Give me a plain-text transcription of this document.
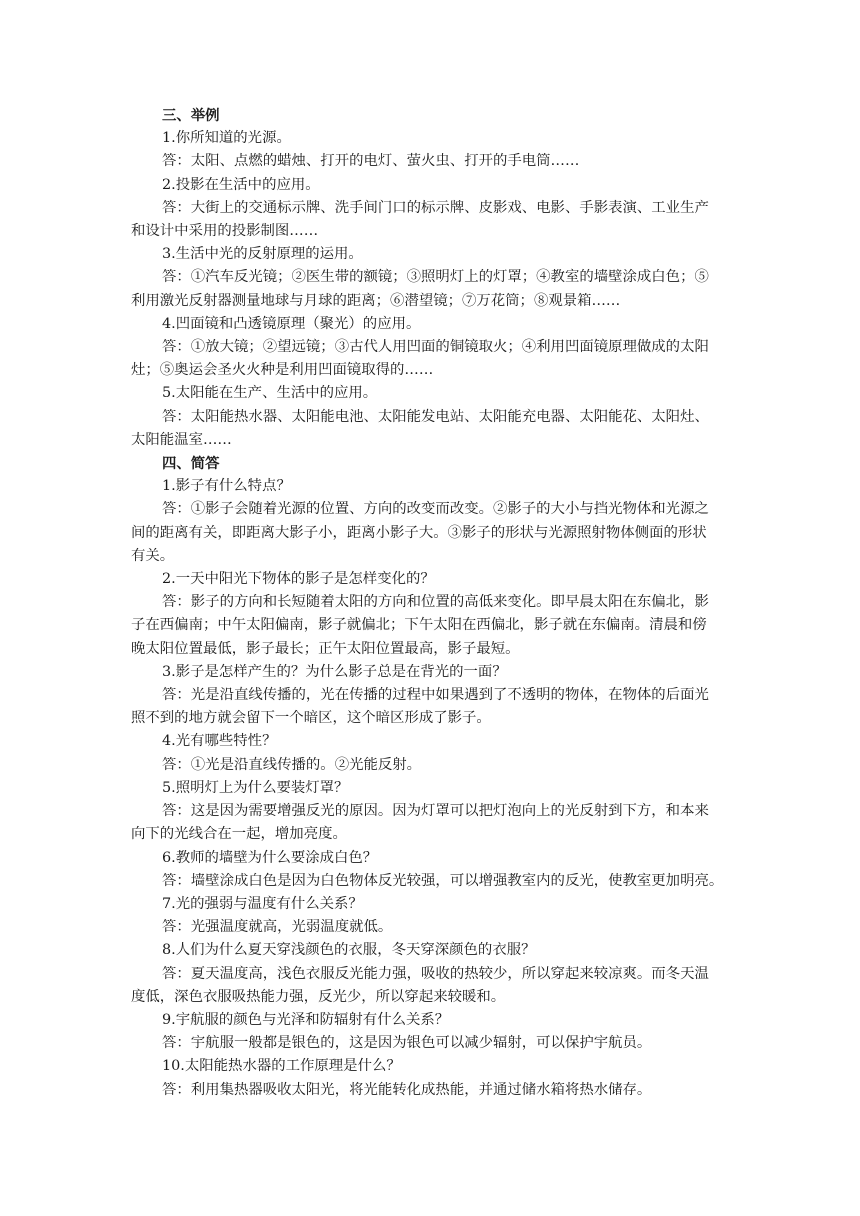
三、举例
1.你所知道的光源。
答：太阳、点燃的蜡烛、打开的电灯、萤火虫、打开的手电筒……
2.投影在生活中的应用。
答：大街上的交通标示牌、洗手间门口的标示牌、皮影戏、电影、手影表演、工业生产
和设计中采用的投影制图……
3.生活中光的反射原理的运用。
答：①汽车反光镜；②医生带的额镜；③照明灯上的灯罩；④教室的墙壁涂成白色；⑤
利用激光反射器测量地球与月球的距离；⑥潜望镜；⑦万花筒；⑧观景箱……
4.凹面镜和凸透镜原理（聚光）的应用。
答：①放大镜；②望远镜；③古代人用凹面的铜镜取火；④利用凹面镜原理做成的太阳
灶；⑤奥运会圣火火种是利用凹面镜取得的……
5.太阳能在生产、生活中的应用。
答：太阳能热水器、太阳能电池、太阳能发电站、太阳能充电器、太阳能花、太阳灶、
太阳能温室……
四、简答
1.影子有什么特点？
答：①影子会随着光源的位置、方向的改变而改变。②影子的大小与挡光物体和光源之
间的距离有关，即距离大影子小，距离小影子大。③影子的形状与光源照射物体侧面的形状
有关。
2.一天中阳光下物体的影子是怎样变化的？
答：影子的方向和长短随着太阳的方向和位置的高低来变化。即早晨太阳在东偏北，影
子在西偏南；中午太阳偏南，影子就偏北；下午太阳在西偏北，影子就在东偏南。清晨和傍
晚太阳位置最低，影子最长；正午太阳位置最高，影子最短。
3.影子是怎样产生的？为什么影子总是在背光的一面？
答：光是沿直线传播的，光在传播的过程中如果遇到了不透明的物体，在物体的后面光
照不到的地方就会留下一个暗区，这个暗区形成了影子。
4.光有哪些特性？
答：①光是沿直线传播的。②光能反射。
5.照明灯上为什么要装灯罩？
答：这是因为需要增强反光的原因。因为灯罩可以把灯泡向上的光反射到下方，和本来
向下的光线合在一起，增加亮度。
6.教师的墙壁为什么要涂成白色？
答：墙壁涂成白色是因为白色物体反光较强，可以增强教室内的反光，使教室更加明亮。
7.光的强弱与温度有什么关系？
答：光强温度就高，光弱温度就低。
8.人们为什么夏天穿浅颜色的衣服，冬天穿深颜色的衣服？
答：夏天温度高，浅色衣服反光能力强，吸收的热较少，所以穿起来较凉爽。而冬天温
度低，深色衣服吸热能力强，反光少，所以穿起来较暖和。
9.宇航服的颜色与光泽和防辐射有什么关系？
答：宇航服一般都是银色的，这是因为银色可以减少辐射，可以保护宇航员。
10.太阳能热水器的工作原理是什么？
答：利用集热器吸收太阳光，将光能转化成热能，并通过储水箱将热水储存。
